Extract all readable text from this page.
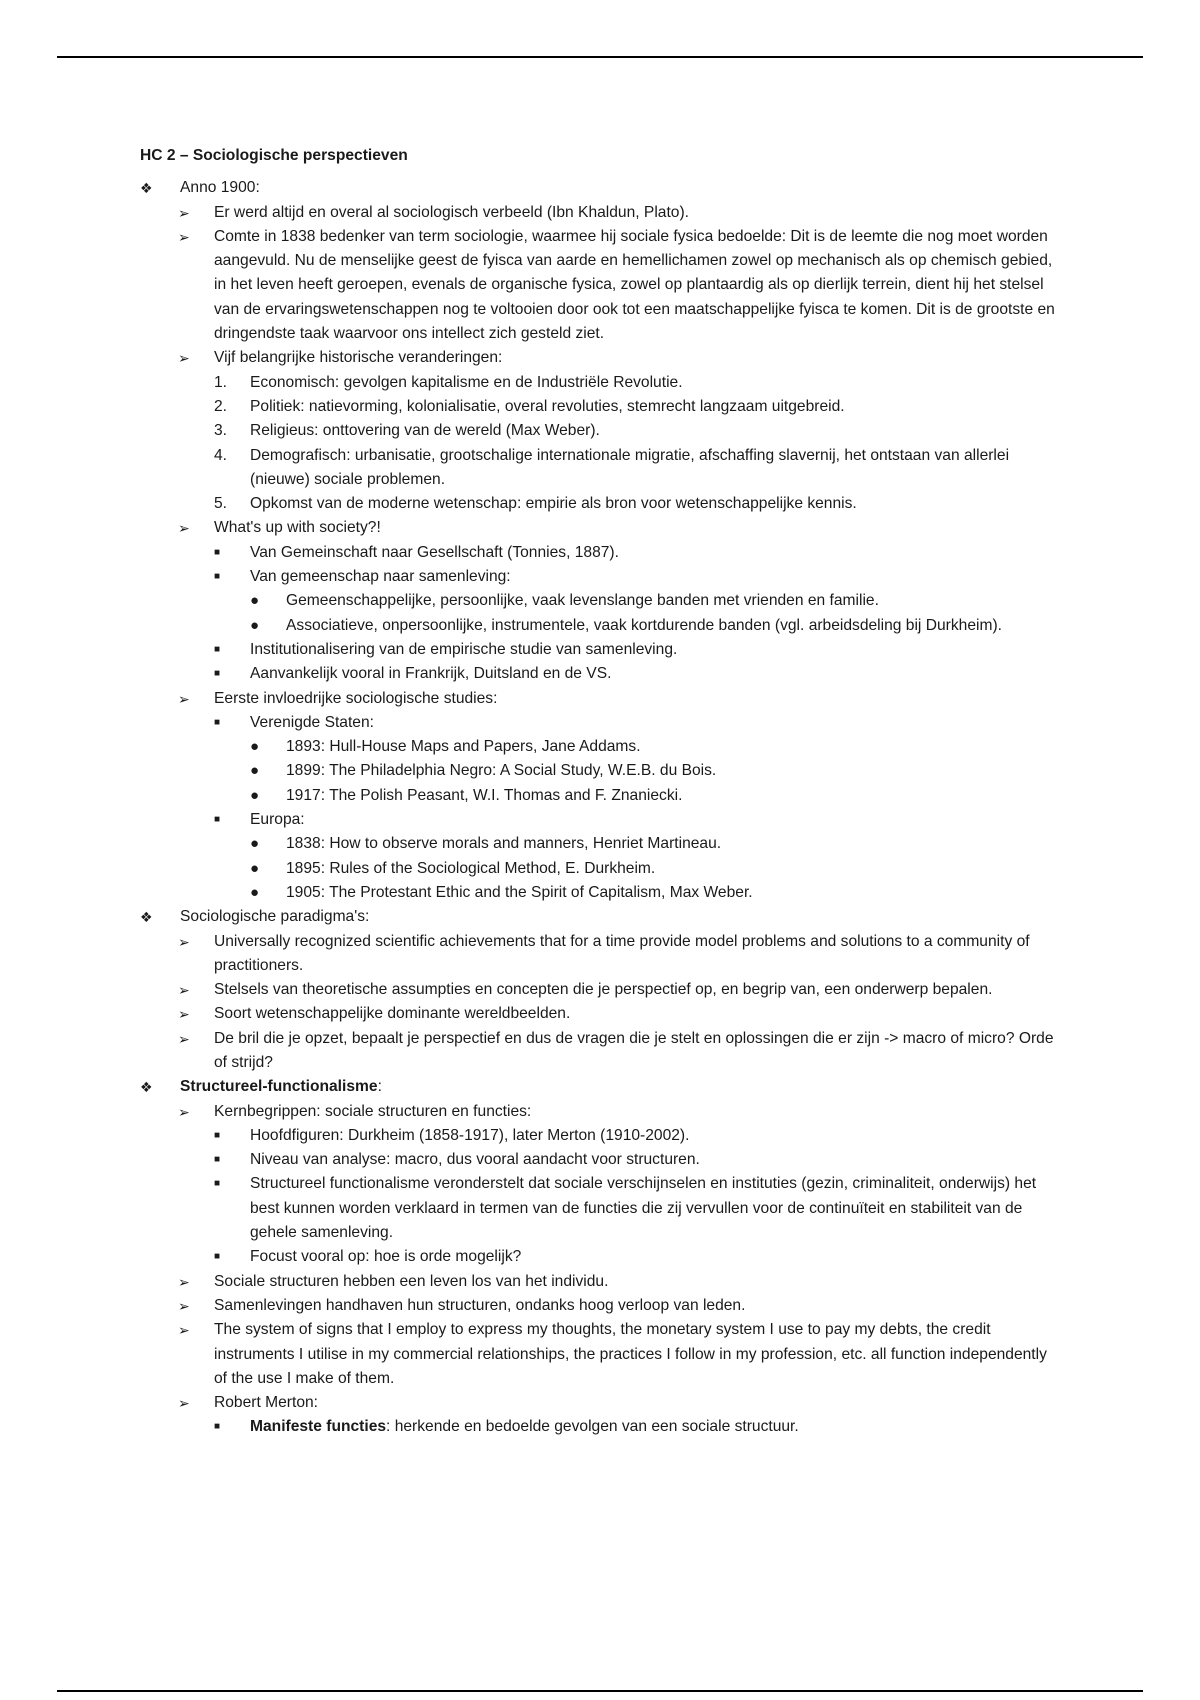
HC 2 – Sociologische perspectieven
❖ Anno 1900:
➢ Er werd altijd en overal al sociologisch verbeeld (Ibn Khaldun, Plato).
➢ Comte in 1838 bedenker van term sociologie, waarmee hij sociale fysica bedoelde: Dit is de leemte die nog moet worden aangevuld. Nu de menselijke geest de fyisca van aarde en hemellichamen zowel op mechanisch als op chemisch gebied, in het leven heeft geroepen, evenals de organische fysica, zowel op plantaardig als op dierlijk terrein, dient hij het stelsel van de ervaringswetenschappen nog te voltooien door ook tot een maatschappelijke fyisca te komen. Dit is de grootste en dringendste taak waarvoor ons intellect zich gesteld ziet.
➢ Vijf belangrijke historische veranderingen:
1. Economisch: gevolgen kapitalisme en de Industriële Revolutie.
2. Politiek: natievorming, kolonialisatie, overal revoluties, stemrecht langzaam uitgebreid.
3. Religieus: onttovering van de wereld (Max Weber).
4. Demografisch: urbanisatie, grootschalige internationale migratie, afschaffing slavernij, het ontstaan van allerlei (nieuwe) sociale problemen.
5. Opkomst van de moderne wetenschap: empirie als bron voor wetenschappelijke kennis.
➢ What's up with society?!
■ Van Gemeinschaft naar Gesellschaft (Tonnies, 1887).
■ Van gemeenschap naar samenleving:
● Gemeenschappelijke, persoonlijke, vaak levenslange banden met vrienden en familie.
● Associatieve, onpersoonlijke, instrumentele, vaak kortdurende banden (vgl. arbeidsdeling bij Durkheim).
■ Institutionalisering van de empirische studie van samenleving.
■ Aanvankelijk vooral in Frankrijk, Duitsland en de VS.
➢ Eerste invloedrijke sociologische studies:
■ Verenigde Staten:
● 1893: Hull-House Maps and Papers, Jane Addams.
● 1899: The Philadelphia Negro: A Social Study, W.E.B. du Bois.
● 1917: The Polish Peasant, W.I. Thomas and F. Znaniecki.
■ Europa:
● 1838: How to observe morals and manners, Henriet Martineau.
● 1895: Rules of the Sociological Method, E. Durkheim.
● 1905: The Protestant Ethic and the Spirit of Capitalism, Max Weber.
❖ Sociologische paradigma's:
➢ Universally recognized scientific achievements that for a time provide model problems and solutions to a community of practitioners.
➢ Stelsels van theoretische assumpties en concepten die je perspectief op, en begrip van, een onderwerp bepalen.
➢ Soort wetenschappelijke dominante wereldbeelden.
➢ De bril die je opzet, bepaalt je perspectief en dus de vragen die je stelt en oplossingen die er zijn -> macro of micro? Orde of strijd?
❖ Structureel-functionalisme:
➢ Kernbegrippen: sociale structuren en functies:
■ Hoofdfiguren: Durkheim (1858-1917), later Merton (1910-2002).
■ Niveau van analyse: macro, dus vooral aandacht voor structuren.
■ Structureel functionalisme veronderstelt dat sociale verschijnselen en instituties (gezin, criminaliteit, onderwijs) het best kunnen worden verklaard in termen van de functies die zij vervullen voor de continuïteit en stabiliteit van de gehele samenleving.
■ Focust vooral op: hoe is orde mogelijk?
➢ Sociale structuren hebben een leven los van het individu.
➢ Samenlevingen handhaven hun structuren, ondanks hoog verloop van leden.
➢ The system of signs that I employ to express my thoughts, the monetary system I use to pay my debts, the credit instruments I utilise in my commercial relationships, the practices I follow in my profession, etc. all function independently of the use I make of them.
➢ Robert Merton:
■ Manifeste functies: herkende en bedoelde gevolgen van een sociale structuur.
